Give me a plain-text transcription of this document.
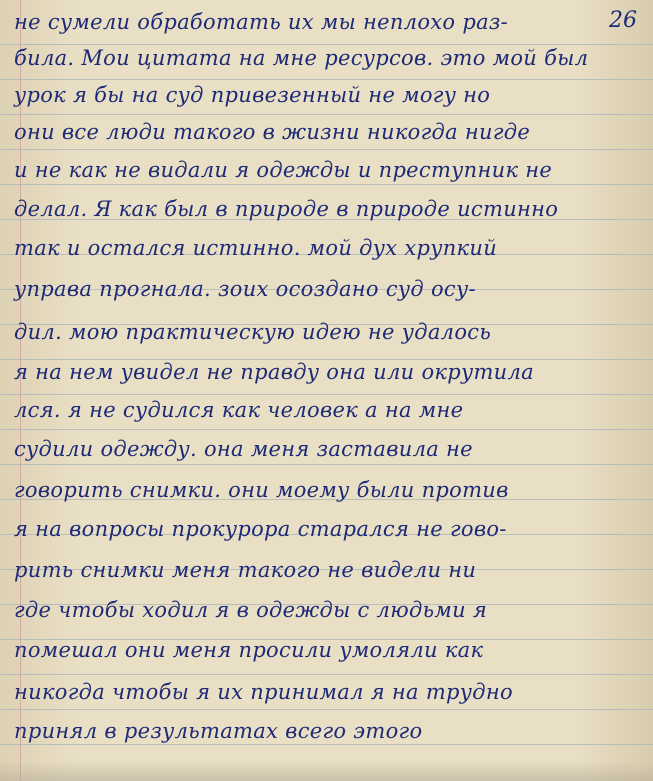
26
не сумели обработать их мы неплохо раз-
била. Мои цитата на мне ресурсов. это мой был
урок я бы на суд привезенный не могу но
они все люди такого в жизни никогда нигде
и не как не видали я одежды и преступник не
делал. Я как был в природе в природе истинно
так и остался истинно. мой дух хрупкий
управа прогнала. зоих осоздано суд осу-
дил. мою практическую идею не удалось
я на нем увидел не правду она или окрутила
лся. я не судился как человек а на мне
судили одежду. она меня заставила не
говорить снимки. они моему были против
я на вопросы прокурора старался не гово-
рить снимки меня такого не видели ни
где чтобы ходил я в одежды с людьми я
помешал они меня просили умоляли как
никогда чтобы я их принимал я на трудно
принял в результатах всего этого
